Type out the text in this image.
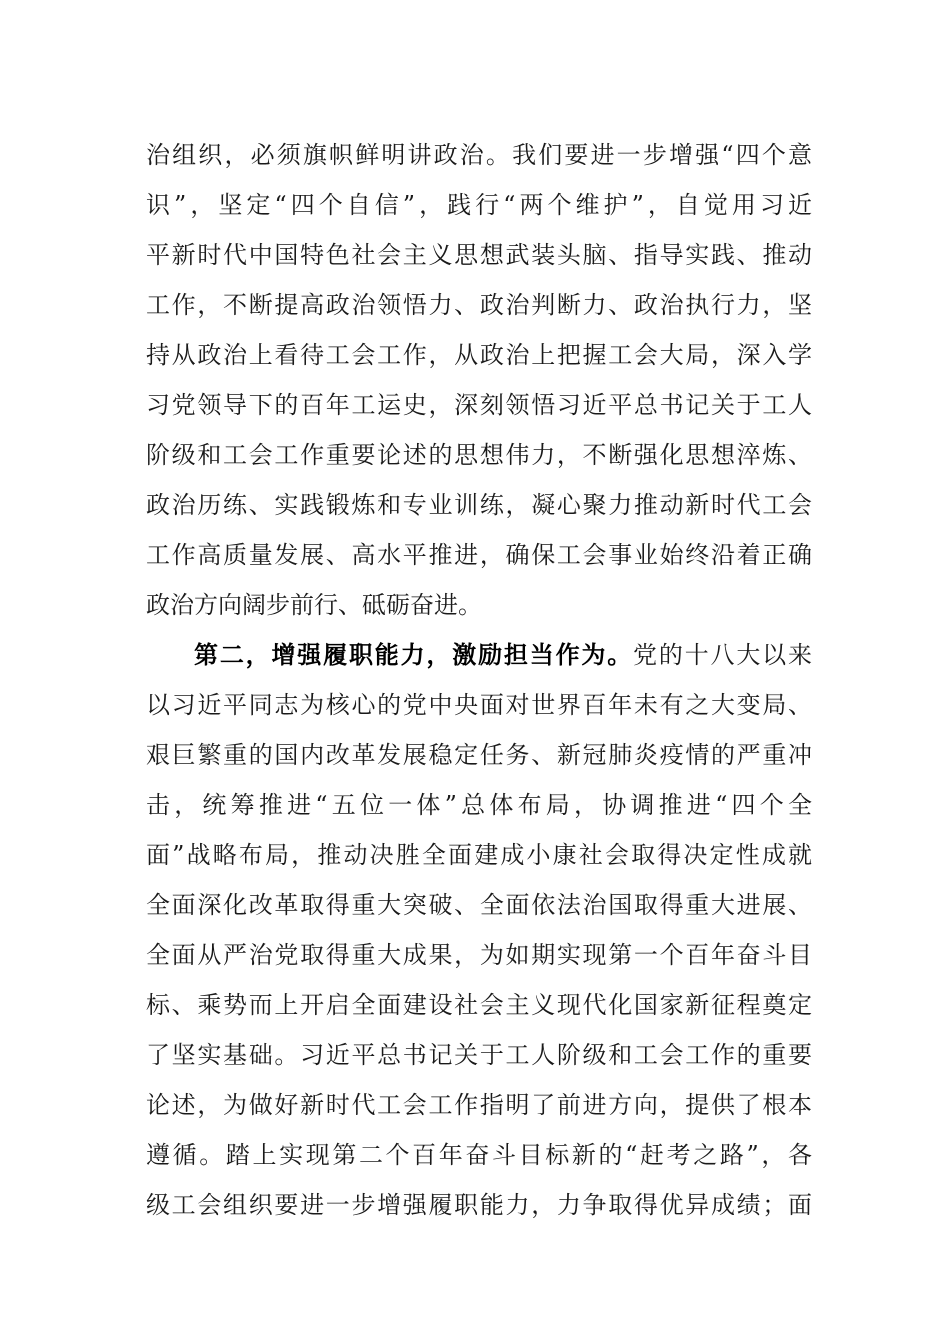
治组织，必须旗帜鲜明讲政治。我们要进一步增强“四个意
识”，坚定“四个自信”，践行“两个维护”，自觉用习近
平新时代中国特色社会主义思想武装头脑、指导实践、推动
工作，不断提高政治领悟力、政治判断力、政治执行力，坚
持从政治上看待工会工作，从政治上把握工会大局，深入学
习党领导下的百年工运史，深刻领悟习近平总书记关于工人
阶级和工会工作重要论述的思想伟力，不断强化思想淬炼、
政治历练、实践锻炼和专业训练，凝心聚力推动新时代工会
工作高质量发展、高水平推进，确保工会事业始终沿着正确
政治方向阔步前行、砥砺奋进。
第二，增强履职能力，激励担当作为。党的十八大以来
以习近平同志为核心的党中央面对世界百年未有之大变局、
艰巨繁重的国内改革发展稳定任务、新冠肺炎疫情的严重冲
击，统筹推进“五位一体”总体布局，协调推进“四个全
面”战略布局，推动决胜全面建成小康社会取得决定性成就
全面深化改革取得重大突破、全面依法治国取得重大进展、
全面从严治党取得重大成果，为如期实现第一个百年奋斗目
标、乘势而上开启全面建设社会主义现代化国家新征程奠定
了坚实基础。习近平总书记关于工人阶级和工会工作的重要
论述，为做好新时代工会工作指明了前进方向，提供了根本
遵循。踏上实现第二个百年奋斗目标新的“赶考之路”，各
级工会组织要进一步增强履职能力，力争取得优异成绩；面
